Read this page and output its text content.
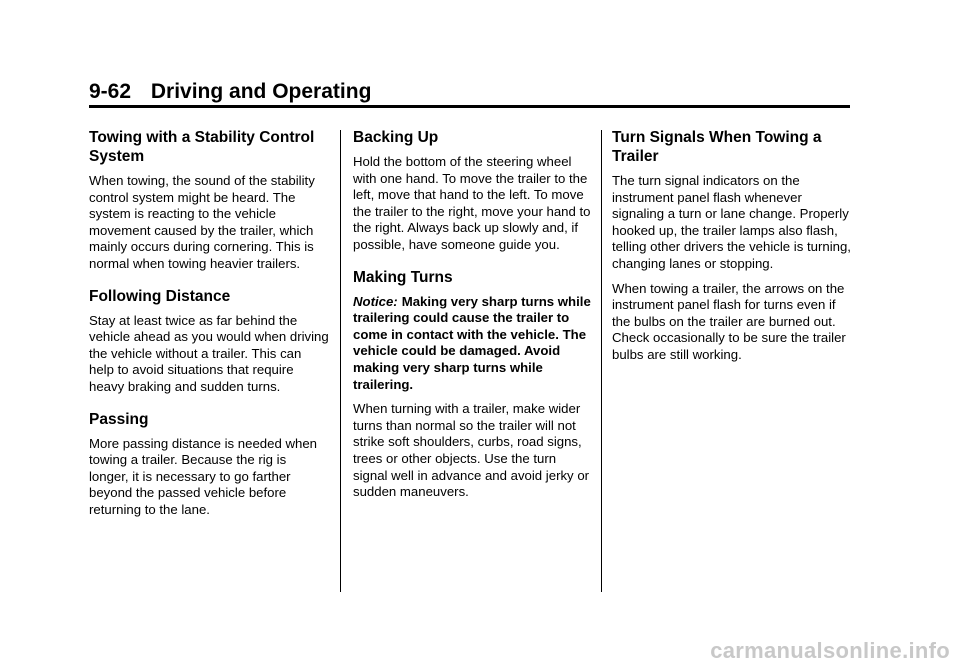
9-62 Driving and Operating
Towing with a Stability Control System

When towing, the sound of the stability control system might be heard. The system is reacting to the vehicle movement caused by the trailer, which mainly occurs during cornering. This is normal when towing heavier trailers.

Following Distance

Stay at least twice as far behind the vehicle ahead as you would when driving the vehicle without a trailer. This can help to avoid situations that require heavy braking and sudden turns.

Passing

More passing distance is needed when towing a trailer. Because the rig is longer, it is necessary to go farther beyond the passed vehicle before returning to the lane.

Backing Up

Hold the bottom of the steering wheel with one hand. To move the trailer to the left, move that hand to the left. To move the trailer to the right, move your hand to the right. Always back up slowly and, if possible, have someone guide you.

Making Turns

Notice: Making very sharp turns while trailering could cause the trailer to come in contact with the vehicle. The vehicle could be damaged. Avoid making very sharp turns while trailering.

When turning with a trailer, make wider turns than normal so the trailer will not strike soft shoulders, curbs, road signs, trees or other objects. Use the turn signal well in advance and avoid jerky or sudden maneuvers.

Turn Signals When Towing a Trailer

The turn signal indicators on the instrument panel flash whenever signaling a turn or lane change. Properly hooked up, the trailer lamps also flash, telling other drivers the vehicle is turning, changing lanes or stopping.

When towing a trailer, the arrows on the instrument panel flash for turns even if the bulbs on the trailer are burned out. Check occasionally to be sure the trailer bulbs are still working.

carmanualsonline.info
